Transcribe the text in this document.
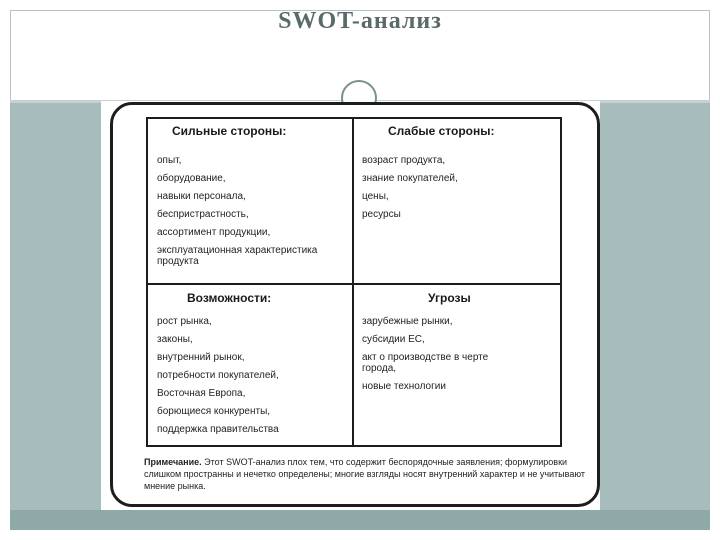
SWOT-анализ
Сильные стороны:
опыт,
оборудование,
навыки персонала,
беспристрастность,
ассортимент продукции,
эксплуатационная характеристика продукта
Слабые стороны:
возраст продукта,
знание покупателей,
цены,
ресурсы
Возможности:
рост рынка,
законы,
внутренний рынок,
потребности покупателей,
Восточная Европа,
борющиеся конкуренты,
поддержка правительства
Угрозы
зарубежные рынки,
субсидии ЕС,
акт о производстве в черте города,
новые технологии
Примечание. Этот SWOT-анализ плох тем, что содержит беспорядочные заявления; формулировки слишком пространны и нечетко определены; многие взгляды носят внутренний характер и не учитывают мнение рынка.
